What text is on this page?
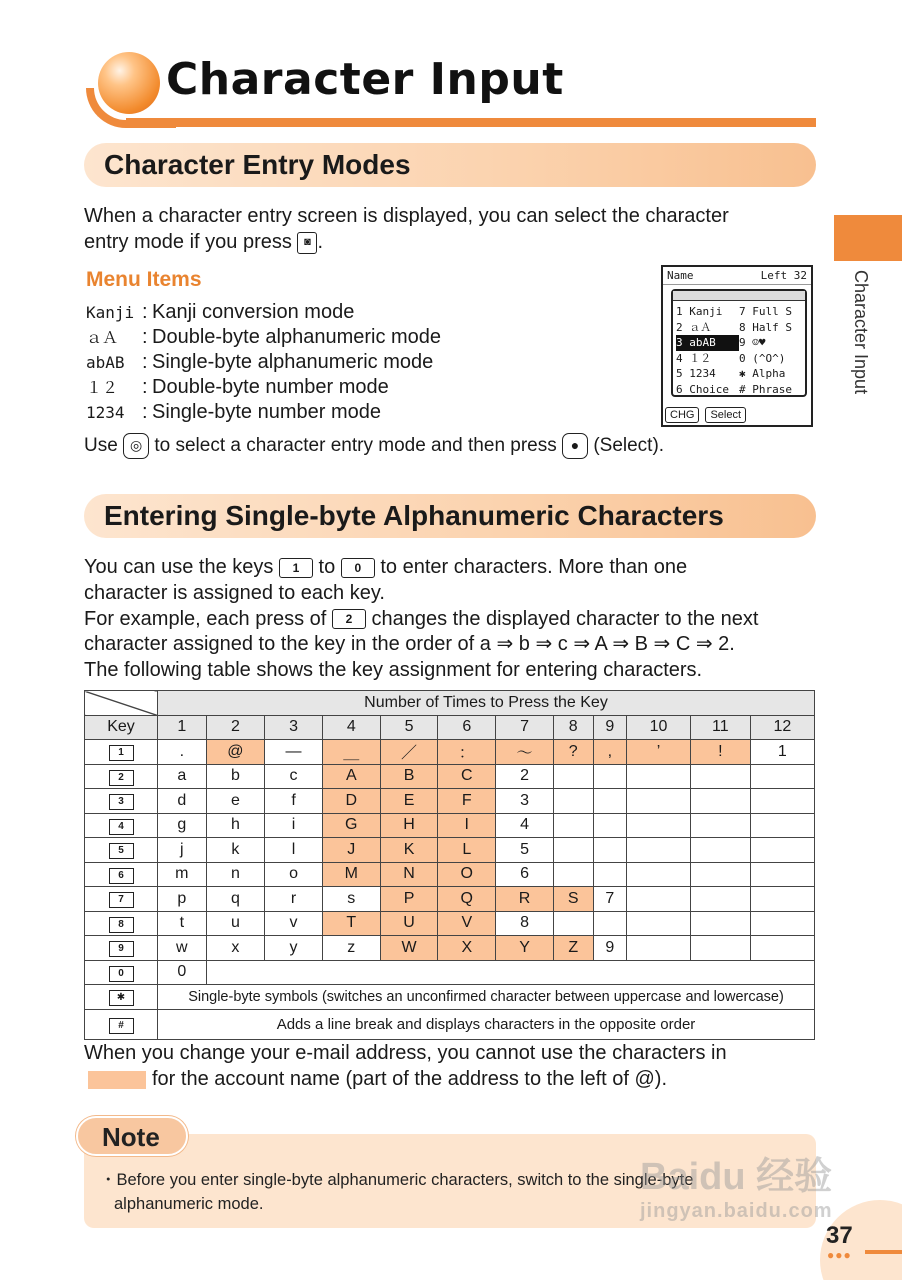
Character Input
Character Input
Character Entry Modes
When a character entry screen is displayed, you can select the character
entry mode if you press ◙ .
Menu Items
Kanji : Kanji conversion mode
ａＡ	: Double-byte alphanumeric mode
abAB : Single-byte alphanumeric mode
１２	: Double-byte number mode
1234 : Single-byte number mode
Use ◎ to select a character entry mode and then press ● (Select).
Name	Left 32
1 Kanji	7 Full S
2 ａＡ	8 Half S
3 abAB	9 ☺♥
4 １２	0 (^O^)
5 1234	✱ Alpha
6 Choice # Phrase
CHG	Select
Entering Single-byte Alphanumeric Characters
You can use the keys 1 to 0 to enter characters. More than one
character is assigned to each key.
For example, each press of 2 changes the displayed character to the next
character assigned to the key in the order of a ⇒ b ⇒ c ⇒ A ⇒ B ⇒ C ⇒ 2.
The following table shows the key assignment for entering characters.
	Number of Times to Press the Key											
Key	1	2	3	4	5	6	7	8	9	10	11	12
1	.	@	—	＿	／	：	～	?	,	’	!	1
2	a	b	c	A	B	C	2					
3	d	e	f	D	E	F	3					
4	g	h	i	G	H	I	4					
5	j	k	l	J	K	L	5					
6	m	n	o	M	N	O	6					
7	p	q	r	s	P	Q	R	S	7			
8	t	u	v	T	U	V	8					
9	w	x	y	z	W	X	Y	Z	9			
0	0											
✱	Single-byte symbols (switches an unconfirmed character between uppercase and lowercase)											
#	Adds a line break and displays characters in the opposite order											
When you change your e-mail address, you cannot use the characters in
for the account name (part of the address to the left of @).
Note
・Before you enter single-byte alphanumeric characters, switch to the single-byte
alphanumeric mode.
Baidu 经验
jingyan.baidu.com
37
●●●
